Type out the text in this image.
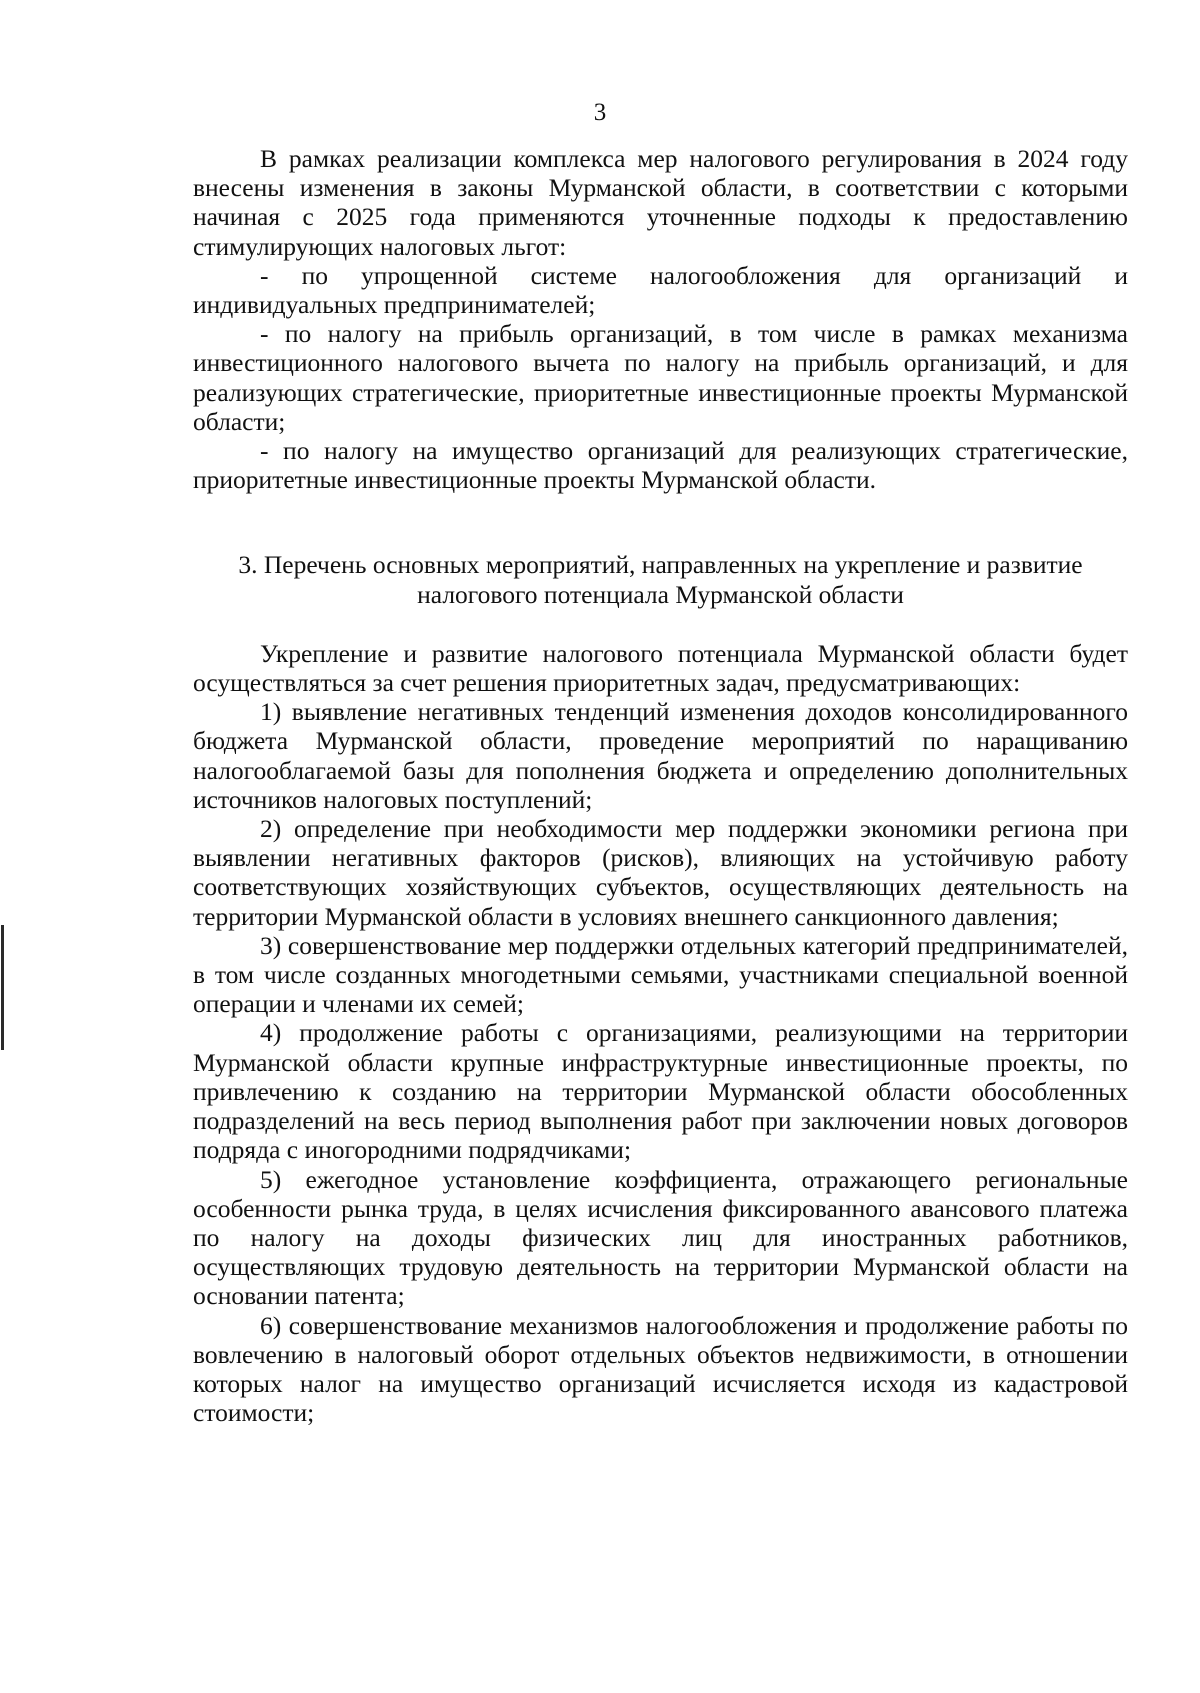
3

В рамках реализации комплекса мер налогового регулирования в 2024 году внесены изменения в законы Мурманской области, в соответствии с которыми начиная с 2025 года применяются уточненные подходы к предоставлению стимулирующих налоговых льгот:

- по упрощенной системе налогообложения для организаций и индивидуальных предпринимателей;

- по налогу на прибыль организаций, в том числе в рамках механизма инвестиционного налогового вычета по налогу на прибыль организаций, и для реализующих стратегические, приоритетные инвестиционные проекты Мурманской области;

- по налогу на имущество организаций для реализующих стратегические, приоритетные инвестиционные проекты Мурманской области.

3. Перечень основных мероприятий, направленных на укрепление и развитие
налогового потенциала Мурманской области

Укрепление и развитие налогового потенциала Мурманской области будет осуществляться за счет решения приоритетных задач, предусматривающих:

1) выявление негативных тенденций изменения доходов консолидированного бюджета Мурманской области, проведение мероприятий по наращиванию налогооблагаемой базы для пополнения бюджета и определению дополнительных источников налоговых поступлений;

2) определение при необходимости мер поддержки экономики региона при выявлении негативных факторов (рисков), влияющих на устойчивую работу соответствующих хозяйствующих субъектов, осуществляющих деятельность на территории Мурманской области в условиях внешнего санкционного давления;

3) совершенствование мер поддержки отдельных категорий предпринимателей, в том числе созданных многодетными семьями, участниками специальной военной операции и членами их семей;

4) продолжение работы с организациями, реализующими на территории Мурманской области крупные инфраструктурные инвестиционные проекты, по привлечению к созданию на территории Мурманской области обособленных подразделений на весь период выполнения работ при заключении новых договоров подряда с иногородними подрядчиками;

5) ежегодное установление коэффициента, отражающего региональные особенности рынка труда, в целях исчисления фиксированного авансового платежа по налогу на доходы физических лиц для иностранных работников, осуществляющих трудовую деятельность на территории Мурманской области на основании патента;

6) совершенствование механизмов налогообложения и продолжение работы по вовлечению в налоговый оборот отдельных объектов недвижимости, в отношении которых налог на имущество организаций исчисляется исходя из кадастровой стоимости;
